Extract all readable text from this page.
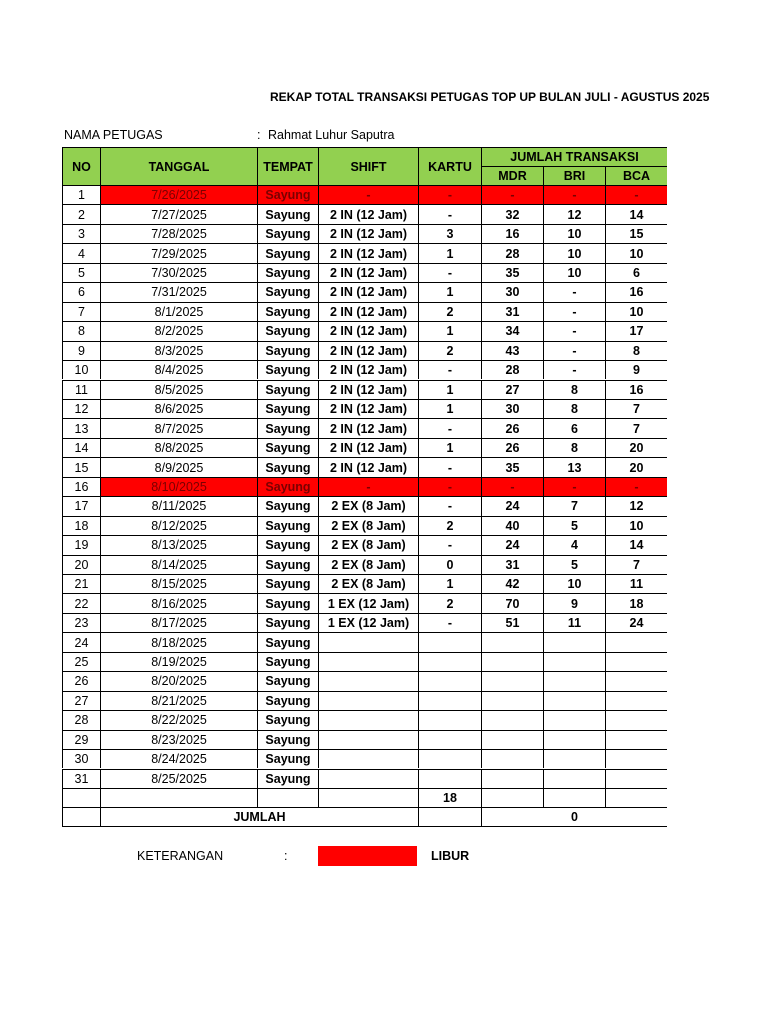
REKAP TOTAL TRANSAKSI PETUGAS TOP UP BULAN JULI - AGUSTUS 2025
NAMA PETUGAS	: Rahmat Luhur Saputra
NO	TANGGAL	TEMPAT	SHIFT	KARTU
JUMLAH TRANSAKSI
MDR	BRI	BCA
1	7/26/2025	Sayung	-	-	-	-	-
2	7/27/2025	Sayung	2 IN (12 Jam)	-	32	12	14
3	7/28/2025	Sayung	2 IN (12 Jam)	3	16	10	15
4	7/29/2025	Sayung	2 IN (12 Jam)	1	28	10	10
5	7/30/2025	Sayung	2 IN (12 Jam)	-	35	10	6
6	7/31/2025	Sayung	2 IN (12 Jam)	1	30	-	16
7	8/1/2025	Sayung	2 IN (12 Jam)	2	31	-	10
8	8/2/2025	Sayung	2 IN (12 Jam)	1	34	-	17
9	8/3/2025	Sayung	2 IN (12 Jam)	2	43	-	8
10	8/4/2025	Sayung	2 IN (12 Jam)	-	28	-	9
11	8/5/2025	Sayung	2 IN (12 Jam)	1	27	8	16
12	8/6/2025	Sayung	2 IN (12 Jam)	1	30	8	7
13	8/7/2025	Sayung	2 IN (12 Jam)	-	26	6	7
14	8/8/2025	Sayung	2 IN (12 Jam)	1	26	8	20
15	8/9/2025	Sayung	2 IN (12 Jam)	-	35	13	20
16	8/10/2025	Sayung	-	-	-	-	-
17	8/11/2025	Sayung	2 EX (8 Jam)	-	24	7	12
18	8/12/2025	Sayung	2 EX (8 Jam)	2	40	5	10
19	8/13/2025	Sayung	2 EX (8 Jam)	-	24	4	14
20	8/14/2025	Sayung	2 EX (8 Jam)	0	31	5	7
21	8/15/2025	Sayung	2 EX (8 Jam)	1	42	10	11
22	8/16/2025	Sayung	1 EX (12 Jam)	2	70	9	18
23	8/17/2025	Sayung	1 EX (12 Jam)	-	51	11	24
24	8/18/2025	Sayung
25	8/19/2025	Sayung
26	8/20/2025	Sayung
27	8/21/2025	Sayung
28	8/22/2025	Sayung
29	8/23/2025	Sayung
30	8/24/2025	Sayung
31	8/25/2025	Sayung
18
JUMLAH	0
KETERANGAN	:	LIBUR
